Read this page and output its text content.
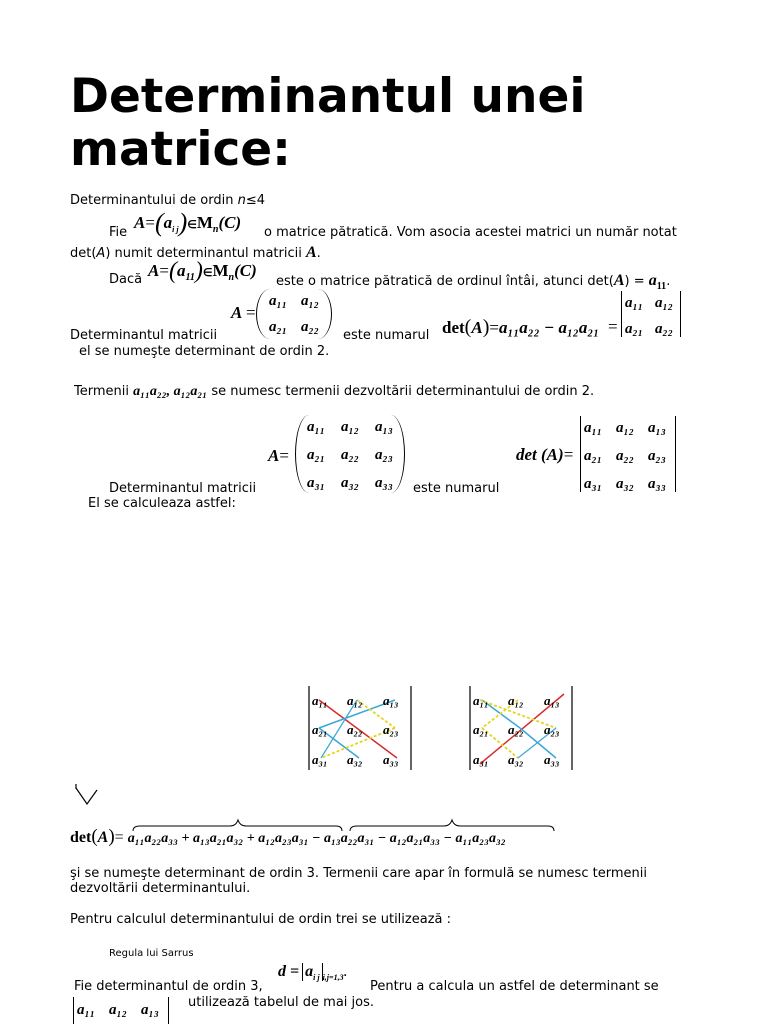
Determinantul unei matrice:
Determinantului de ordin n≤4
Fie
$A=(a_{i j})\in M_n(C)$
o matrice pătratică. Vom asocia acestei matrici un număr notat
det(A) numit determinantul matricii A.
Dacă $A=(a_{11})\in M_n(C)$
este o matrice pătratică de ordinul întâi, atunci $\det(A) = a_{11}$.
A =
a₁₁ a₁₂
a₂₁ a₂₂
Determinantul matricii	este numarul det(A)=a₁₁a₂₂ − a₁₂a₂₁ =
a₁₁ a₁₂
a₂₁ a₂₂
el se numeşte determinant de ordin 2.
Termenii a₁₁a₂₂, a₁₂a₂₁ se numesc termenii dezvoltării determinantului de ordin 2.
A=
a₁₁	a₁₂	a₁₃
a₂₁	a₂₂	a₂₃
a₃₁	a₃₂	a₃₃
det (A)=
a₁₁ a₁₂ a₁₃
a₂₁ a₂₂ a₂₃
a₃₁ a₃₂ a₃₃
Determinantul matricii	este numarul
El se calculeaza astfel:
a₁₁ a₁₂ a₁₃
a₂₁ a₂₂ a₂₃
a₃₁ a₃₂ a₃₃
a₁₁ a₁₂ a₁₃
a₂₁ a₂₂ a₂₃
a₃₁ a₃₂ a₃₃
det(A)= a₁₁a₂₂a₃₃ + a₁₃a₂₁a₃₂ + a₁₂a₂₃a₃₁ − a₁₃a₂₂a₃₁ − a₁₂a₂₁a₃₃ − a₁₁a₂₃a₃₂
şi se numeşte determinant de ordin 3. Termenii care apar în formulă se numesc termenii
dezvoltării determinantului.
Pentru calculul determinantului de ordin trei se utilizează :
Regula lui Sarrus
Fie determinantul de ordin 3,
$d = a_{i j}$ $_{i,j=1,3}$.
Pentru a calcula un astfel de determinant se
utilizează tabelul de mai jos.
a₁₁ a₁₂ a₁₃
